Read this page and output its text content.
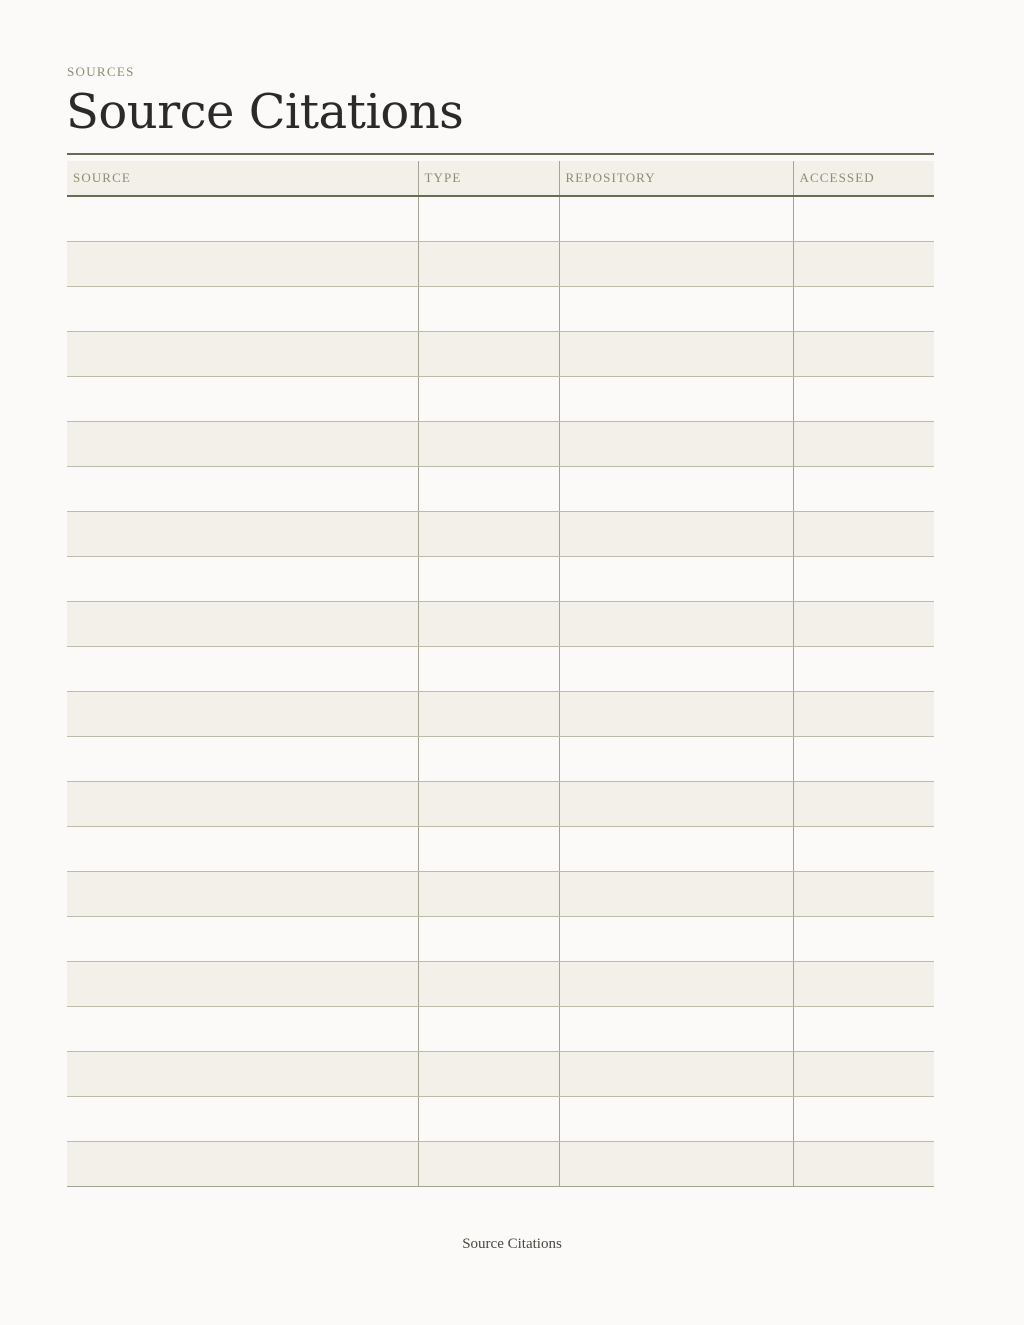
SOURCES
Source Citations
SOURCE	TYPE	REPOSITORY	ACCESSED

Source Citations
